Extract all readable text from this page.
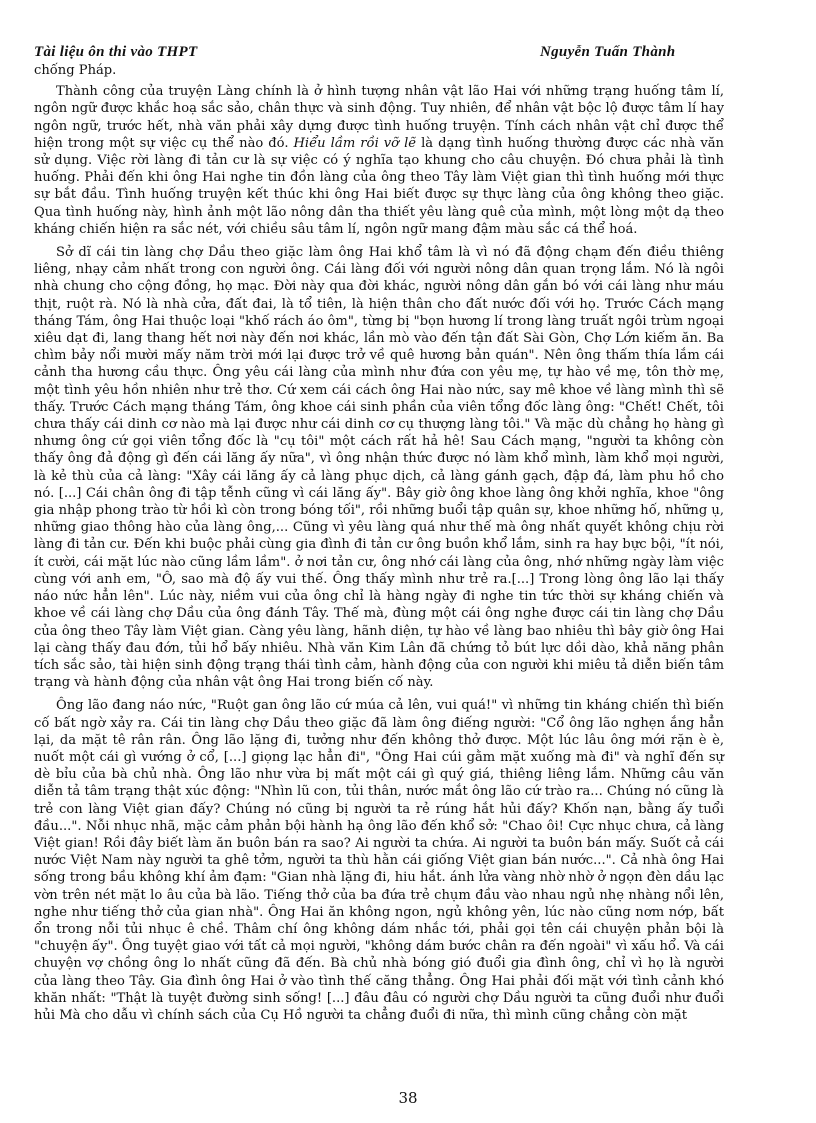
Tài liệu ôn thi vào THPT	Nguyễn Tuấn Thành

chống Pháp.

Thành công của truyện Làng chính là ở hình tượng nhân vật lão Hai với những trạng huống tâm lí, ngôn ngữ được khắc hoạ sắc sảo, chân thực và sinh động. Tuy nhiên, để nhân vật bộc lộ được tâm lí hay ngôn ngữ, trước hết, nhà văn phải xây dựng được tình huống truyện. Tính cách nhân vật chỉ được thể hiện trong một sự việc cụ thể nào đó. Hiểu lầm rồi vỡ lẽ là dạng tình huống thường được các nhà văn sử dụng. Việc rời làng đi tản cư là sự việc có ý nghĩa tạo khung cho câu chuyện. Đó chưa phải là tình huống. Phải đến khi ông Hai nghe tin đồn làng của ông theo Tây làm Việt gian thì tình huống mới thực sự bắt đầu. Tình huống truyện kết thúc khi ông Hai biết được sự thực làng của ông không theo giặc. Qua tình huống này, hình ảnh một lão nông dân tha thiết yêu làng quê của mình, một lòng một dạ theo kháng chiến hiện ra sắc nét, với chiều sâu tâm lí, ngôn ngữ mang đậm màu sắc cá thể hoá.

Sở dĩ cái tin làng chợ Dầu theo giặc làm ông Hai khổ tâm là vì nó đã động chạm đến điều thiêng liêng, nhạy cảm nhất trong con người ông. Cái làng đối với người nông dân quan trọng lắm. Nó là ngôi nhà chung cho cộng đồng, họ mạc. Đời này qua đời khác, người nông dân gắn bó với cái làng như máu thịt, ruột rà. Nó là nhà cửa, đất đai, là tổ tiên, là hiện thân cho đất nước đối với họ. Trước Cách mạng tháng Tám, ông Hai thuộc loại "khố rách áo ôm", từng bị "bọn hương lí trong làng truất ngôi trùm ngoại xiêu dạt đi, lang thang hết nơi này đến nơi khác, lần mò vào đến tận đất Sài Gòn, Chợ Lớn kiếm ăn. Ba chìm bảy nổi mười mấy năm trời mới lại được trở về quê hương bản quán". Nên ông thấm thía lắm cái cảnh tha hương cầu thực. Ông yêu cái làng của mình như đứa con yêu mẹ, tự hào về mẹ, tôn thờ mẹ, một tình yêu hồn nhiên như trẻ thơ. Cứ xem cái cách ông Hai nào nức, say mê khoe về làng mình thì sẽ thấy. Trước Cách mạng tháng Tám, ông khoe cái sinh phần của viên tổng đốc làng ông: "Chết! Chết, tôi chưa thấy cái dinh cơ nào mà lại được như cái dinh cơ cụ thượng làng tôi." Và mặc dù chẳng họ hàng gì nhưng ông cứ gọi viên tổng đốc là "cụ tôi" một cách rất hả hê! Sau Cách mạng, "người ta không còn thấy ông đả động gì đến cái lăng ấy nữa", vì ông nhận thức được nó làm khổ mình, làm khổ mọi người, là kẻ thù của cả làng: "Xây cái lăng ấy cả làng phục dịch, cả làng gánh gạch, đập đá, làm phu hồ cho nó. [...] Cái chân ông đi tập tễnh cũng vì cái lăng ấy". Bây giờ ông khoe làng ông khởi nghĩa, khoe "ông gia nhập phong trào từ hồi kì còn trong bóng tối", rồi những buổi tập quân sự, khoe những hố, những ụ, những giao thông hào của làng ông,... Cũng vì yêu làng quá như thế mà ông nhất quyết không chịu rời làng đi tản cư. Đến khi buộc phải cùng gia đình đi tản cư ông buồn khổ lắm, sinh ra hay bực bội, "ít nói, ít cười, cái mặt lúc nào cũng lầm lầm". ở nơi tản cư, ông nhớ cái làng của ông, nhớ những ngày làm việc cùng với anh em, "Ô, sao mà độ ấy vui thế. Ông thấy mình như trẻ ra.[...] Trong lòng ông lão lại thấy náo nức hẳn lên". Lúc này, niềm vui của ông chỉ là hàng ngày đi nghe tin tức thời sự kháng chiến và khoe về cái làng chợ Dầu của ông đánh Tây. Thế mà, đùng một cái ông nghe được cái tin làng chợ Dầu của ông theo Tây làm Việt gian. Càng yêu làng, hãnh diện, tự hào về làng bao nhiêu thì bây giờ ông Hai lại càng thấy đau đớn, tủi hổ bấy nhiêu. Nhà văn Kim Lân đã chứng tỏ bút lực dồi dào, khả năng phân tích sắc sảo, tài hiện sinh động trạng thái tình cảm, hành động của con người khi miêu tả diễn biến tâm trạng và hành động của nhân vật ông Hai trong biến cố này.

Ông lão đang náo nức, "Ruột gan ông lão cứ múa cả lên, vui quá!" vì những tin kháng chiến thì biến cố bất ngờ xảy ra. Cái tin làng chợ Dầu theo giặc đã làm ông điếng người: "Cổ ông lão nghẹn ắng hẳn lại, da mặt tê rân rân. Ông lão lặng đi, tưởng như đến không thở được. Một lúc lâu ông mới rặn è è, nuốt một cái gì vướng ở cổ, [...] giọng lạc hẳn đi", "Ông Hai cúi gằm mặt xuống mà đi" và nghĩ đến sự dè bỉu của bà chủ nhà. Ông lão như vừa bị mất một cái gì quý giá, thiêng liêng lắm. Những câu văn diễn tả tâm trạng thật xúc động: "Nhìn lũ con, tủi thân, nước mắt ông lão cứ trào ra... Chúng nó cũng là trẻ con làng Việt gian đấy? Chúng nó cũng bị người ta rẻ rúng hắt hủi đấy? Khốn nạn, bằng ấy tuổi đầu...". Nỗi nhục nhã, mặc cảm phản bội hành hạ ông lão đến khổ sở: "Chao ôi! Cực nhục chưa, cả làng Việt gian! Rồi đây biết làm ăn buôn bán ra sao? Ai người ta chứa. Ai người ta buôn bán mấy. Suốt cả cái nước Việt Nam này người ta ghê tởm, người ta thù hằn cái giống Việt gian bán nước...". Cả nhà ông Hai sống trong bầu không khí ảm đạm: "Gian nhà lặng đi, hiu hắt. ánh lửa vàng nhờ nhờ ở ngọn đèn dầu lạc vờn trên nét mặt lo âu của bà lão. Tiếng thở của ba đứa trẻ chụm đầu vào nhau ngủ nhẹ nhàng nổi lên, nghe như tiếng thở của gian nhà". Ông Hai ăn không ngon, ngủ không yên, lúc nào cũng nơm nớp, bất ổn trong nỗi tủi nhục ê chề. Thâm chí ông không dám nhắc tới, phải gọi tên cái chuyện phản bội là "chuyện ấy". Ông tuyệt giao với tất cả mọi người, "không dám bước chân ra đến ngoài" vì xấu hổ. Và cái chuyện vợ chồng ông lo nhất cũng đã đến. Bà chủ nhà bóng gió đuổi gia đình ông, chỉ vì họ là người của làng theo Tây. Gia đình ông Hai ở vào tình thế căng thẳng. Ông Hai phải đối mặt với tình cảnh khó khăn nhất: "Thật là tuyệt đường sinh sống! [...] đâu đâu có người chợ Dầu người ta cũng đuổi như đuổi hủi Mà cho dẫu vì chính sách của Cụ Hồ người ta chẳng đuổi đi nữa, thì mình cũng chẳng còn mặt

38
